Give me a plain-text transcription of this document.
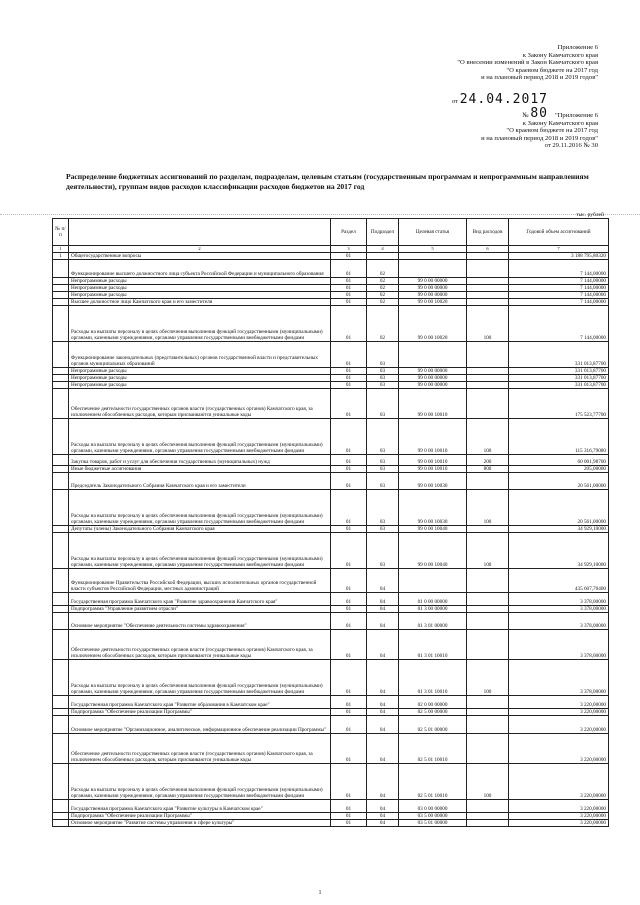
Приложение 6
к Закону Камчатского края
"О внесении изменений в Закон Камчатского края
"О краевом бюджете на 2017 год
и на плановый период 2018 и 2019 годов"
от 24.04.2017
№ 80	"Приложение 6
к Закону Камчатского края
"О краевом бюджете на 2017 год
и на плановый период 2018 и 2019 годов"
от 29.11.2016 № 30
Распределение бюджетных ассигнований по разделам, подразделам, целевым статьям (государственным программам и непрограммным направлениям деятельности), группам видов расходов классификации расходов бюджетов на 2017 год
тыс. рублей
№ п/п		Раздел	Подраздел	Целевая статья	Вид расходов	Годовой объем ассигнований
1	2	3	4	5	6	7
1	Общегосударственные вопросы	01				3 188 795,80320
	Функционирование высшего должностного лица субъекта Российской Федерации и муниципального образования	01	02			7 144,00000
	Непрограммные расходы	01	02	99 0 00 00000		7 144,00000
	Непрограммные расходы	01	02	99 0 00 00000		7 144,00000
	Непрограммные расходы	01	02	99 0 00 00000		7 144,00000
	Высшее должностное лицо Камчатского края и его заместители	01	02	99 0 00 10020		7 144,00000
	Расходы на выплаты персоналу в целях обеспечения выполнения функций государственными (муниципальными) органами, казенными учреждениями, органами управления государственными внебюджетными фондами	01	02	99 0 00 10020	100	7 144,00000
	Функционирование законодательных (представительных) органов государственной власти и представительных органов муниципальных образований	01	03			331 013,87700
	Непрограммные расходы	01	03	99 0 00 00000		331 013,87700
	Непрограммные расходы	01	03	99 0 00 00000		331 013,87700
	Непрограммные расходы	01	03	99 0 00 00000		331 013,87700
	Обеспечение деятельности государственных органов власти (государственных органов) Камчатского края, за исключением обособленных расходов, которым присваиваются уникальные коды	01	03	99 0 00 10010		175 523,77700
	Расходы на выплаты персоналу в целях обеспечения выполнения функций государственными (муниципальными) органами, казенными учреждениями, органами управления государственными внебюджетными фондами	01	03	99 0 00 10010	100	115 316,79000
	Закупка товаров, работ и услуг для обеспечения государственных (муниципальных) нужд	01	03	99 0 00 10010	200	60 001,98700
	Иные бюджетные ассигнования	01	03	99 0 00 10010	800	205,00000
	Председатель Законодательного Собрания Камчатского края и его заместители	01	03	99 0 00 10030		20 561,00000
	Расходы на выплаты персоналу в целях обеспечения выполнения функций государственными (муниципальными) органами, казенными учреждениями, органами управления государственными внебюджетными фондами	01	03	99 0 00 10030	100	20 561,00000
	Депутаты (члены) Законодательного Собрания Камчатского края	01	03	99 0 00 10040		34 929,10000
	Расходы на выплаты персоналу в целях обеспечения выполнения функций государственными (муниципальными) органами, казенными учреждениями, органами управления государственными внебюджетными фондами	01	03	99 0 00 10040	100	34 929,10000
	Функционирование Правительства Российской Федерации, высших исполнительных органов государственной власти субъектов Российской Федерации, местных администраций	01	04			435 607,70400
	Государственная программа Камчатского края "Развитие здравоохранения Камчатского края"	01	04	01 0 00 00000		3 378,00000
	Подпрограмма "Управление развитием отрасли"	01	04	01 3 00 00000		3 378,00000
	Основное мероприятие "Обеспечение деятельности системы здравоохранения"	01	04	01 3 01 00000		3 378,00000
	Обеспечение деятельности государственных органов власти (государственных органов) Камчатского края, за исключением обособленных расходов, которым присваиваются уникальные коды	01	04	01 3 01 10010		3 378,00000
	Расходы на выплаты персоналу в целях обеспечения выполнения функций государственными (муниципальными) органами, казенными учреждениями, органами управления государственными внебюджетными фондами	01	04	01 3 01 10010	100	3 378,00000
	Государственная программа Камчатского края "Развитие образования в Камчатском крае"	01	04	02 0 00 00000		3 220,00000
	Подпрограмма "Обеспечение реализации Программы"	01	04	02 5 00 00000		3 220,00000
	Основное мероприятие "Организационное, аналитическое, информационное обеспечение реализации Программы"	01	04	02 5 01 00000		3 220,00000
	Обеспечение деятельности государственных органов власти (государственных органов) Камчатского края, за исключением обособленных расходов, которым присваиваются уникальные коды	01	04	02 5 01 10010		3 220,00000
	Расходы на выплаты персоналу в целях обеспечения выполнения функций государственными (муниципальными) органами, казенными учреждениями, органами управления государственными внебюджетными фондами	01	04	02 5 01 10010	100	3 220,00000
	Государственная программа Камчатского края "Развитие культуры в Камчатском крае"	01	04	03 0 00 00000		3 220,00000
	Подпрограмма "Обеспечение реализации Программы"	01	04	03 5 00 00000		3 220,00000
	Основное мероприятие "Развитие системы управления в сфере культуры"	01	04	03 5 01 00000		3 220,00000
1
